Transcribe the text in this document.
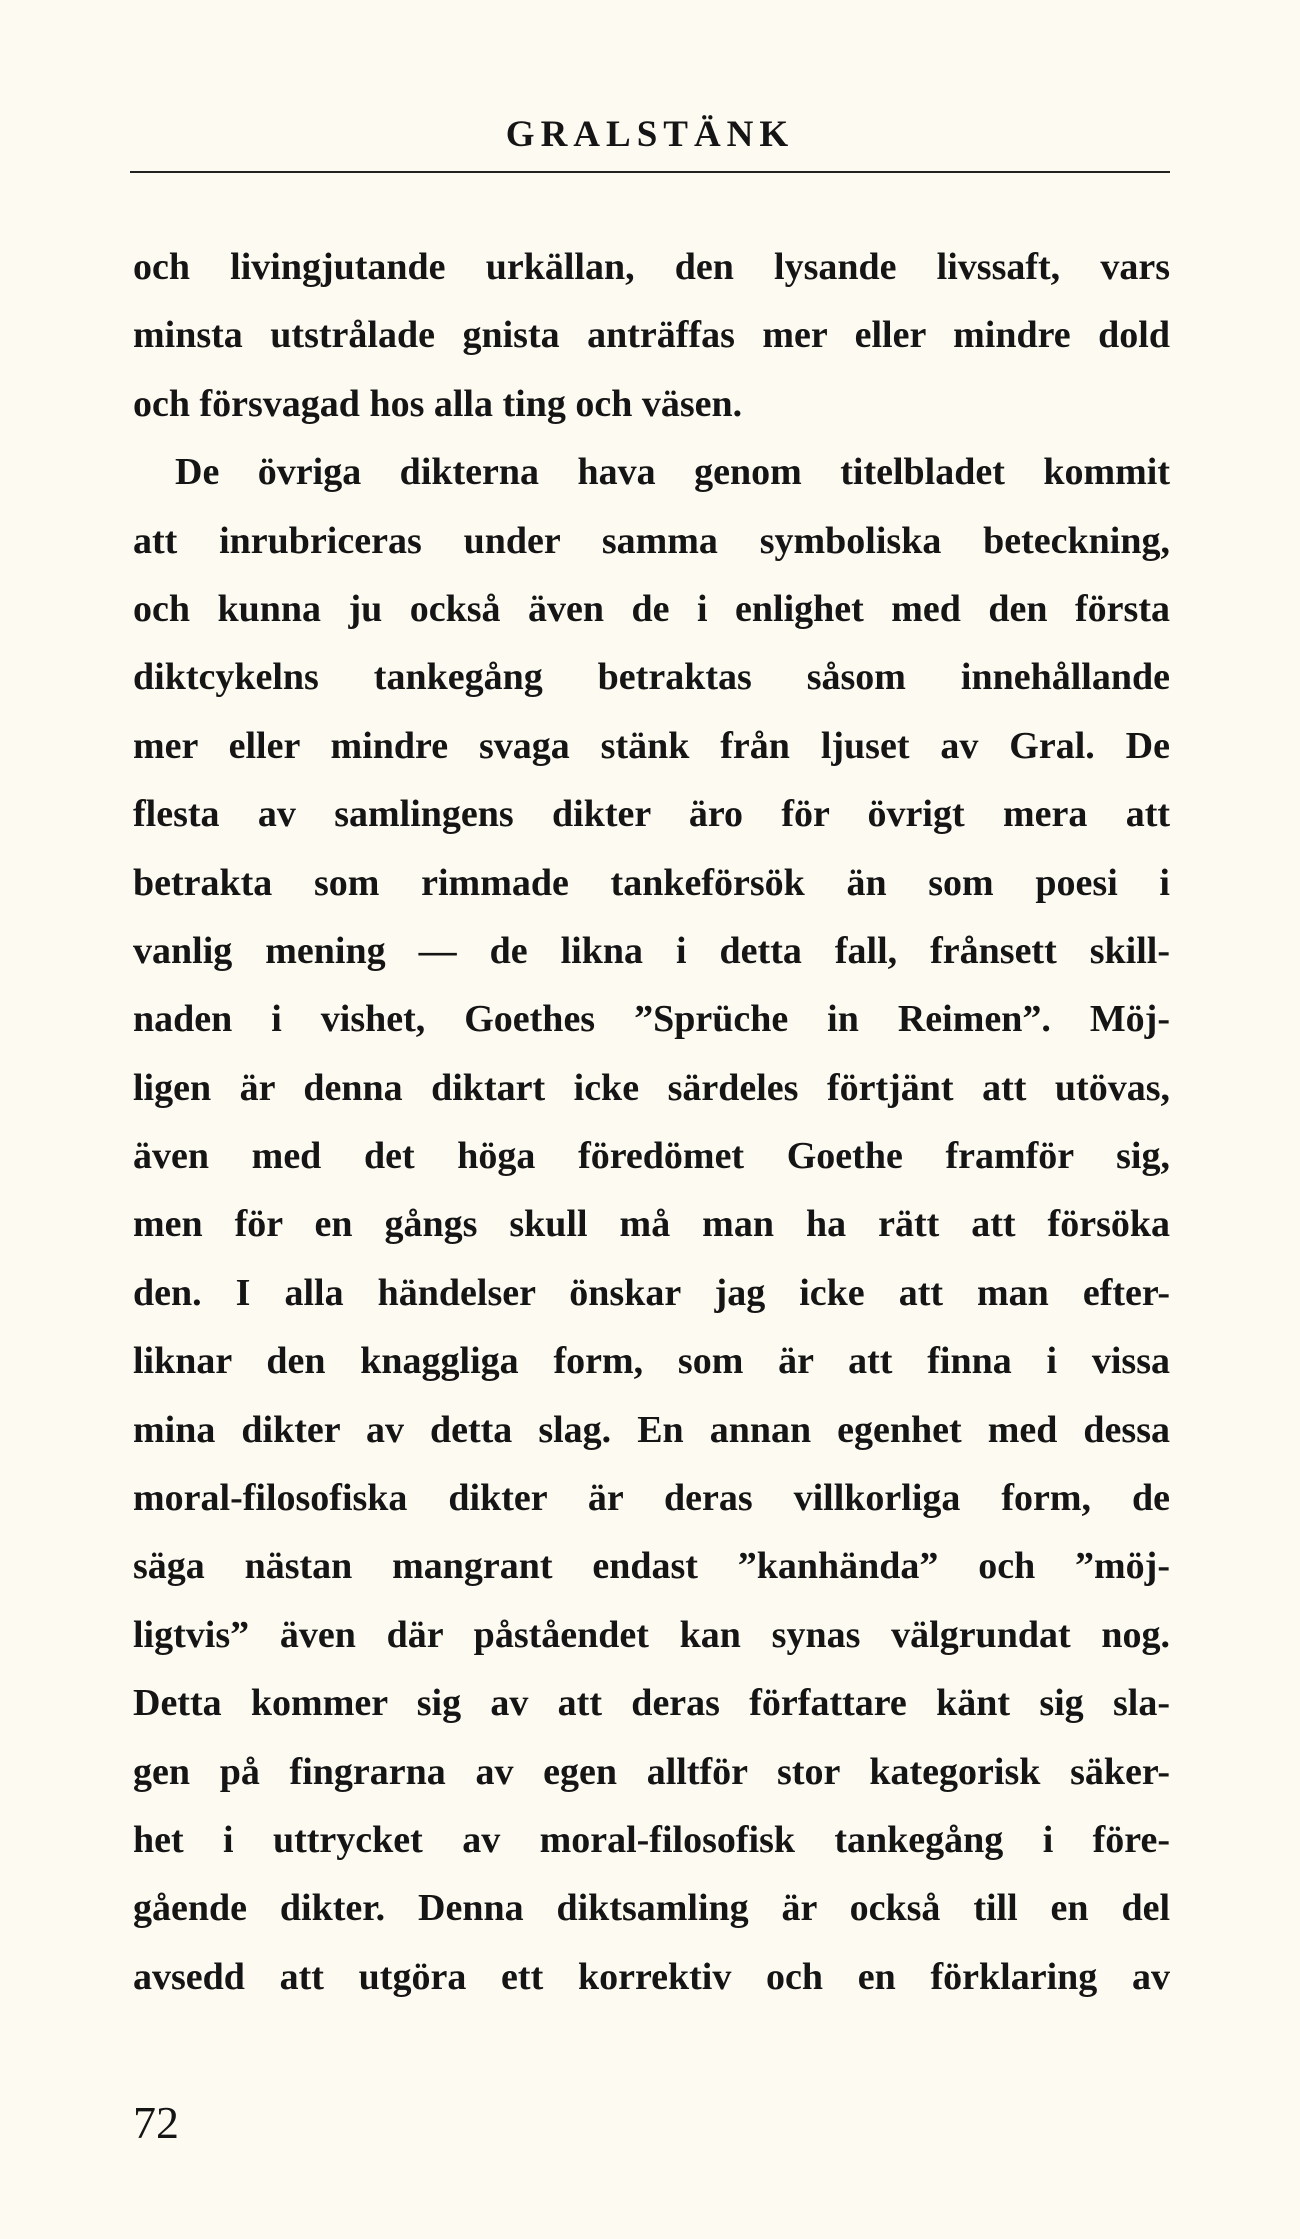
GRALSTÄNK
och livingjutande urkällan, den lysande livssaft, vars
minsta utstrålade gnista anträffas mer eller mindre dold
och försvagad hos alla ting och väsen.
De övriga dikterna hava genom titelbladet kommit
att inrubriceras under samma symboliska beteckning,
och kunna ju också även de i enlighet med den första
diktcykelns tankegång betraktas såsom innehållande
mer eller mindre svaga stänk från ljuset av Gral. De
flesta av samlingens dikter äro för övrigt mera att
betrakta som rimmade tankeförsök än som poesi i
vanlig mening — de likna i detta fall, frånsett skill-
naden i vishet, Goethes ”Sprüche in Reimen”. Möj-
ligen är denna diktart icke särdeles förtjänt att utövas,
även med det höga föredömet Goethe framför sig,
men för en gångs skull må man ha rätt att försöka
den. I alla händelser önskar jag icke att man efter-
liknar den knaggliga form, som är att finna i vissa
mina dikter av detta slag. En annan egenhet med dessa
moral-filosofiska dikter är deras villkorliga form, de
säga nästan mangrant endast ”kanhända” och ”möj-
ligtvis” även där påståendet kan synas välgrundat nog.
Detta kommer sig av att deras författare känt sig sla-
gen på fingrarna av egen alltför stor kategorisk säker-
het i uttrycket av moral-filosofisk tankegång i före-
gående dikter. Denna diktsamling är också till en del
avsedd att utgöra ett korrektiv och en förklaring av
72
